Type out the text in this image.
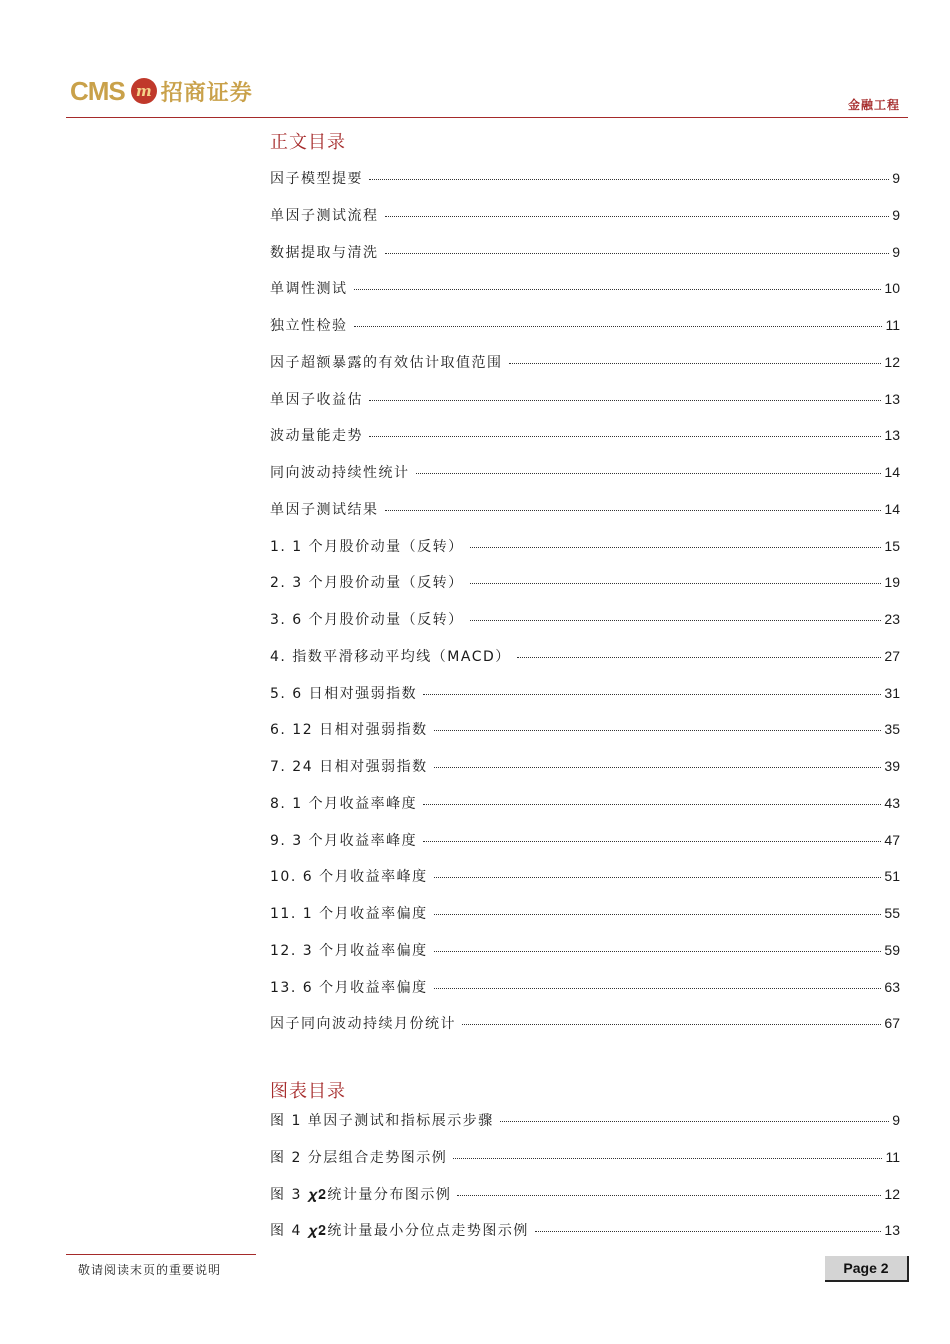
CMS m 招商证券	金融工程
正文目录
因子模型提要	9
单因子测试流程	9
数据提取与清洗	9
单调性测试	10
独立性检验	11
因子超额暴露的有效估计取值范围	12
单因子收益估	13
波动量能走势	13
同向波动持续性统计	14
单因子测试结果	14
1. 1 个月股价动量（反转）	15
2. 3 个月股价动量（反转）	19
3. 6 个月股价动量（反转）	23
4. 指数平滑移动平均线（MACD）	27
5. 6 日相对强弱指数	31
6. 12 日相对强弱指数	35
7. 24 日相对强弱指数	39
8. 1 个月收益率峰度	43
9. 3 个月收益率峰度	47
10. 6 个月收益率峰度	51
11. 1 个月收益率偏度	55
12. 3 个月收益率偏度	59
13. 6 个月收益率偏度	63
因子同向波动持续月份统计	67
图表目录
图 1 单因子测试和指标展示步骤	9
图 2 分层组合走势图示例	11
图 3 𝝌𝟐统计量分布图示例	12
图 4 𝝌𝟐统计量最小分位点走势图示例	13
敬请阅读末页的重要说明	Page 2
